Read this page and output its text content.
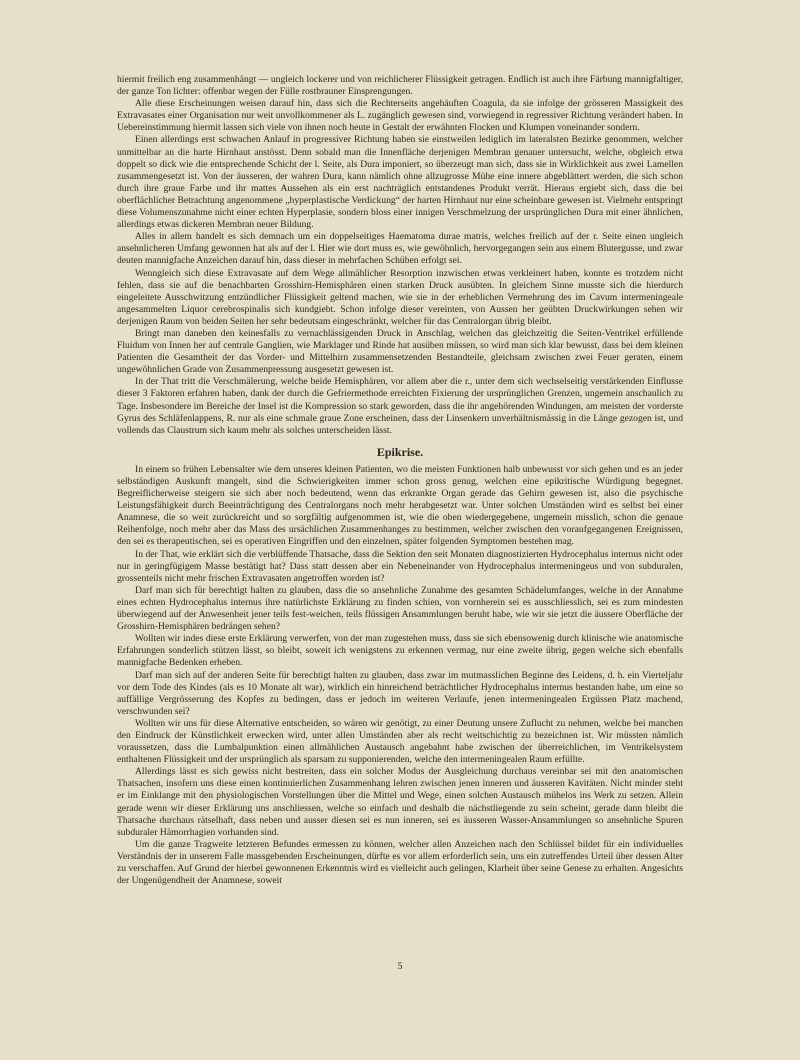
hiermit freilich eng zusammenhängt — ungleich lockerer und von reichlicherer Flüssigkeit getragen. Endlich ist auch ihre Färbung mannigfaltiger, der ganze Ton lichter: offenbar wegen der Fülle rostbrauner Einsprengungen.

Alle diese Erscheinungen weisen darauf hin, dass sich die Rechterseits angehäuften Coagula, da sie infolge der grösseren Massigkeit des Extravasates einer Organisation nur weit unvollkommener als L. zugänglich gewesen sind, vorwiegend in regressiver Richtung verändert haben. In Uebereinstimmung hiermit lassen sich viele von ihnen noch heute in Gestalt der erwähnten Flocken und Klumpen voneinander sondern.

Einen allerdings erst schwachen Anlauf in progressiver Richtung haben sie einstweilen lediglich im lateralsten Bezirke genommen, welcher unmittelbar an die harte Hirnhaut anstösst. Denn sobald man die Innenfläche derjenigen Membran genauer untersucht, welche, obgleich etwa doppelt so dick wie die entsprechende Schicht der l. Seite, als Dura imponiert, so überzeugt man sich, dass sie in Wirklichkeit aus zwei Lamellen zusammengesetzt ist. Von der äusseren, der wahren Dura, kann nämlich ohne allzugrosse Mühe eine innere abgeblättert werden, die sich schon durch ihre graue Farbe und ihr mattes Aussehen als ein erst nachträglich entstandenes Produkt verrät. Hieraus ergiebt sich, dass die bei oberflächlicher Betrachtung angenommene „hyperplastische Verdickung“ der harten Hirnhaut nur eine scheinbare gewesen ist. Vielmehr entspringt diese Volumenszunahme nicht einer echten Hyperplasie, sondern bloss einer innigen Verschmelzung der ursprünglichen Dura mit einer ähnlichen, allerdings etwas dickeren Membran neuer Bildung.

Alles in allem handelt es sich demnach um ein doppelseitiges Haematoma durae matris, welches freilich auf der r. Seite einen ungleich ansehnlicheren Umfang gewonnen hat als auf der l. Hier wie dort muss es, wie gewöhnlich, hervorgegangen sein aus einem Blutergusse, und zwar deuten mannigfache Anzeichen darauf hin, dass dieser in mehrfachen Schüben erfolgt sei.

Wenngleich sich diese Extravasate auf dem Wege allmählicher Resorption inzwischen etwas verkleinert haben, konnte es trotzdem nicht fehlen, dass sie auf die benachbarten Grosshirn-Hemisphären einen starken Druck ausübten. In gleichem Sinne musste sich die hierdurch eingeleitete Ausschwitzung entzündlicher Flüssigkeit geltend machen, wie sie in der erheblichen Vermehrung des im Cavum intermeningeale angesammelten Liquor cerebrospinalis sich kundgiebt. Schon infolge dieser vereinten, von Aussen her geübten Druckwirkungen sehen wir derjenigen Raum von beiden Seiten her sehr bedeutsam eingeschränkt, welcher für das Centralorgan übrig bleibt.

Bringt man daneben den keinesfalls zu vernachlässigenden Druck in Anschlag, welchen das gleichzeitig die Seiten-Ventrikel erfüllende Fluidum von Innen her auf centrale Ganglien, wie Marklager und Rinde hat ausüben müssen, so wird man sich klar bewusst, dass bei dem kleinen Patienten die Gesamtheit der das Vorder- und Mittelhirn zusammensetzenden Bestandteile, gleichsam zwischen zwei Feuer geraten, einem ungewöhnlichen Grade von Zusammenpressung ausgesetzt gewesen ist.

In der That tritt die Verschmälerung, welche beide Hemisphären, vor allem aber die r., unter dem sich wechselseitig verstärkenden Einflusse dieser 3 Faktoren erfahren haben, dank der durch die Gefriermethode erreichten Fixierung der ursprünglichen Grenzen, ungemein anschaulich zu Tage. Insbesondere im Bereiche der Insel ist die Kompression so stark geworden, dass die ihr angehörenden Windungen, am meisten der vorderste Gyrus des Schläfenlappens, R. nur als eine schmale graue Zone erscheinen, dass der Linsenkern unverhältnismässig in die Länge gezogen ist, und vollends das Claustrum sich kaum mehr als solches unterscheiden lässt.

Epikrise.

In einem so frühen Lebensalter wie dem unseres kleinen Patienten, wo die meisten Funktionen halb unbewusst vor sich gehen und es an jeder selbständigen Auskunft mangelt, sind die Schwierigkeiten immer schon gross genug, welchen eine epikritische Würdigung begegnet. Begreiflicherweise steigern sie sich aber noch bedeutend, wenn das erkrankte Organ gerade das Gehirn gewesen ist, also die psychische Leistungsfähigkeit durch Beeinträchtigung des Centralorgans noch mehr herabgesetzt war. Unter solchen Umständen wird es selbst bei einer Anamnese, die so weit zurückreicht und so sorgfältig aufgenommen ist, wie die oben wiedergegebene, ungemein misslich, schon die genaue Reihenfolge, noch mehr aber das Mass des ursächlichen Zusammenhanges zu bestimmen, welcher zwischen den voraufgegangenen Ereignissen, den sei es therapeutischen, sei es operativen Eingriffen und den einzelnen, später folgenden Symptomen bestehen mag.

In der That, wie erklärt sich die verblüffende Thatsache, dass die Sektion den seit Monaten diagnostizierten Hydrocephalus internus nicht oder nur in geringfügigem Masse bestätigt hat? Dass statt dessen aber ein Nebeneinander von Hydrocephalus intermeningeus und von subduralen, grossenteils nicht mehr frischen Extravasaten angetroffen worden ist?

Darf man sich für berechtigt halten zu glauben, dass die so ansehnliche Zunahme des gesamten Schädelumfanges, welche in der Annahme eines echten Hydrocephalus internus ihre natürlichste Erklärung zu finden schien, von vornherein sei es ausschliesslich, sei es zum mindesten überwiegend auf der Anwesenheit jener teils fest-weichen, teils flüssigen Ansammlungen beruht habe, wie wir sie jetzt die äussere Oberfläche der Grosshirn-Hemisphären bedrängen sehen?

Wollten wir indes diese erste Erklärung verwerfen, von der man zugestehen muss, dass sie sich ebensowenig durch klinische wie anatomische Erfahrungen sonderlich stützen lässt, so bleibt, soweit ich wenigstens zu erkennen vermag, nur eine zweite übrig, gegen welche sich ebenfalls mannigfache Bedenken erheben.

Darf man sich auf der anderen Seite für berechtigt halten zu glauben, dass zwar im mutmasslichen Beginne des Leidens, d. h. ein Vierteljahr vor dem Tode des Kindes (als es 10 Monate alt war), wirklich ein hinreichend beträchtlicher Hydrocephalus internus bestanden habe, um eine so auffällige Vergrösserung des Kopfes zu bedingen, dass er jedoch im weiteren Verlaufe, jenen intermeningealen Ergüssen Platz machend, verschwunden sei?

Wollten wir uns für diese Alternative entscheiden, so wären wir genötigt, zu einer Deutung unsere Zuflucht zu nehmen, welche bei manchen den Eindruck der Künstlichkeit erwecken wird, unter allen Umständen aber als recht weitschichtig zu bezeichnen ist. Wir müssten nämlich voraussetzen, dass die Lumbalpunktion einen allmählichen Austausch angebahnt habe zwischen der überreichlichen, im Ventrikelsystem enthaltenen Flüssigkeit und der ursprünglich als sparsam zu supponierenden, welche den intermeningealen Raum erfüllte.

Allerdings lässt es sich gewiss nicht bestreiten, dass ein solcher Modus der Ausgleichung durchaus vereinbar sei mit den anatomischen Thatsachen, insofern uns diese einen kontinuierlichen Zusammenhang lehren zwischen jenen inneren und äusseren Kavitäten. Nicht minder steht er im Einklange mit den physiologischen Vorstellungen über die Mittel und Wege, einen solchen Austausch mühelos ins Werk zu setzen. Allein gerade wenn wir dieser Erklärung uns anschliessen, welche so einfach und deshalb die nächstliegende zu sein scheint, gerade dann bleibt die Thatsache durchaus rätselhaft, dass neben und ausser diesen sei es nun inneren, sei es äusseren Wasser-Ansammlungen so ansehnliche Spuren subduraler Hämorrhagien vorhanden sind.

Um die ganze Tragweite letzteren Befundes ermessen zu können, welcher allen Anzeichen nach den Schlüssel bildet für ein individuelles Verständnis der in unserem Falle massgebenden Erscheinungen, dürfte es vor allem erforderlich sein, uns ein zutreffendes Urteil über dessen Alter zu verschaffen. Auf Grund der hierbei gewonnenen Erkenntnis wird es vielleicht auch gelingen, Klarheit über seine Genese zu erhalten. Angesichts der Ungenügendheit der Anamnese, soweit

5
